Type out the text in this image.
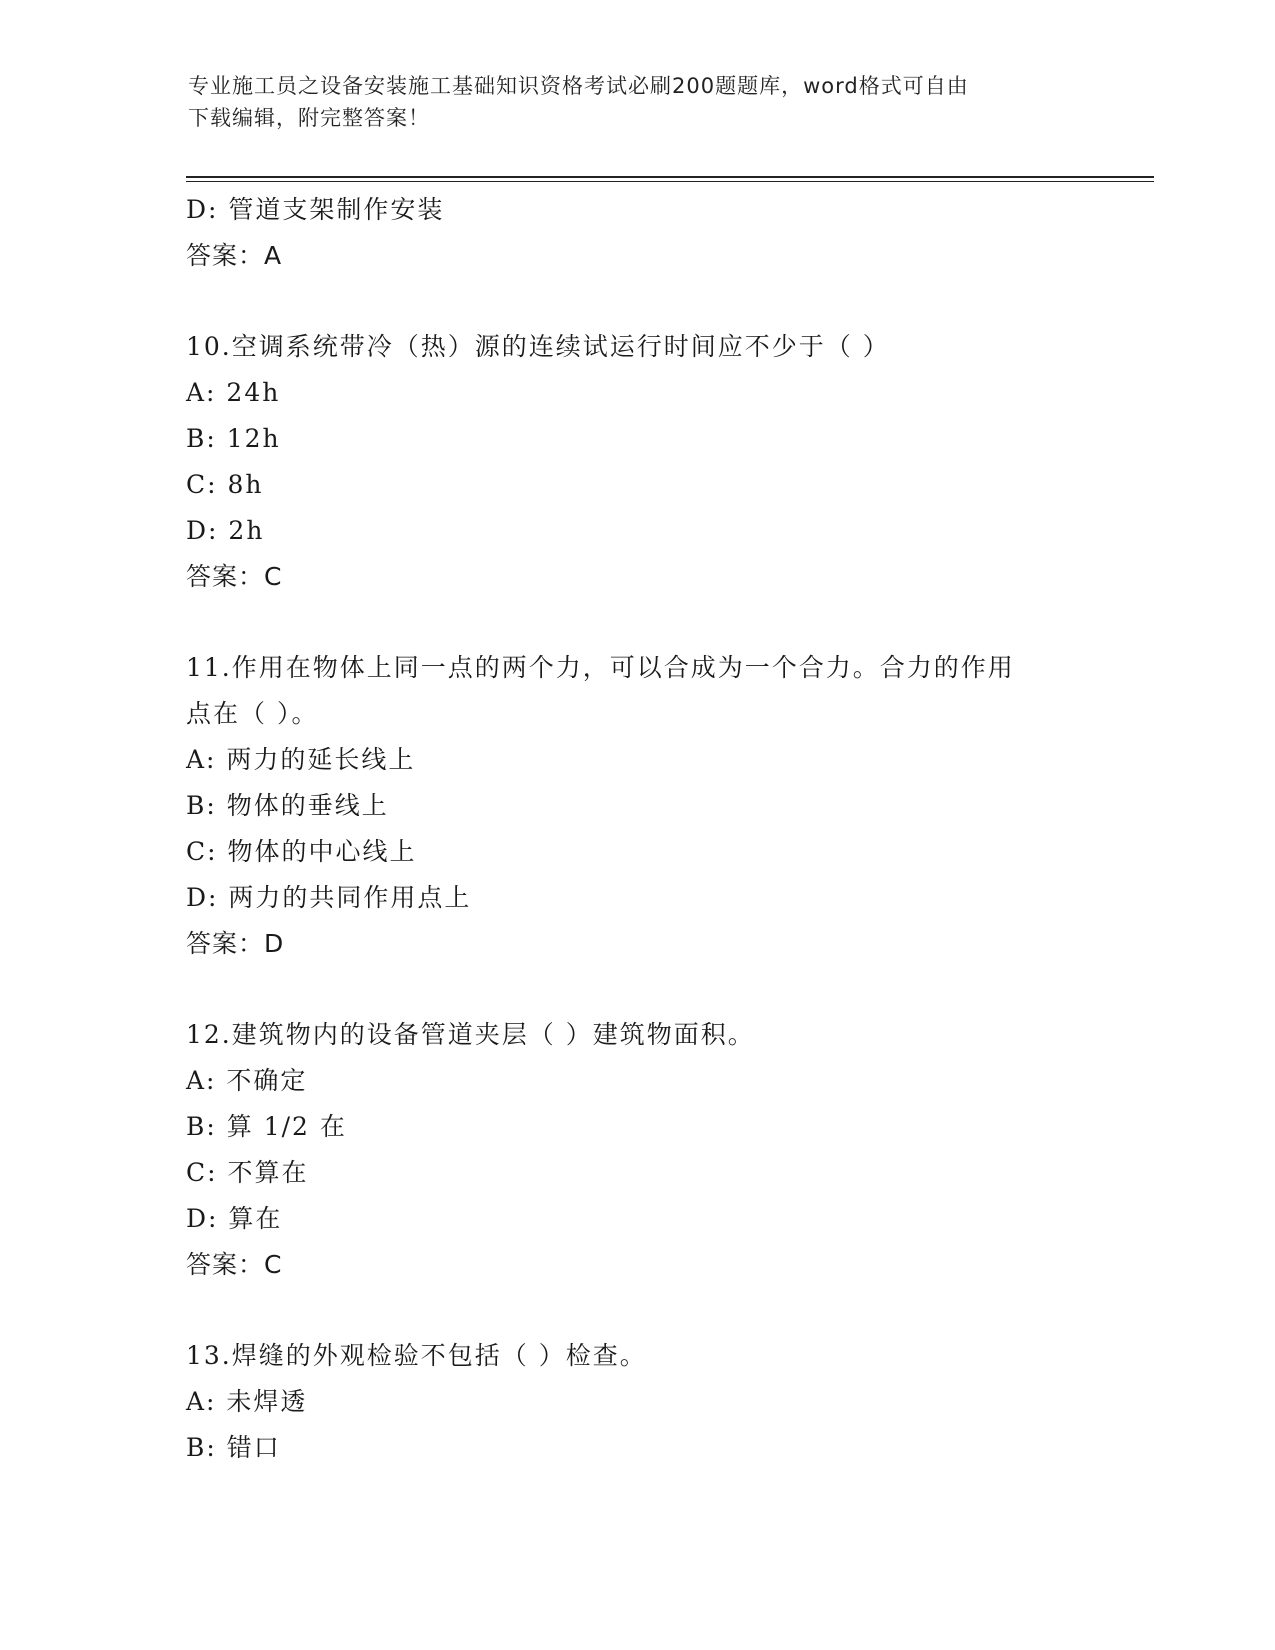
专业施工员之设备安装施工基础知识资格考试必刷200题题库，word格式可自由
下载编辑，附完整答案！
D: 管道支架制作安装
答案：A
10.空调系统带冷（热）源的连续试运行时间应不少于（ ）
A: 24h
B: 12h
C: 8h
D: 2h
答案：C
11.作用在物体上同一点的两个力，可以合成为一个合力。合力的作用
点在（ ）。
A: 两力的延长线上
B: 物体的垂线上
C: 物体的中心线上
D: 两力的共同作用点上
答案：D
12.建筑物内的设备管道夹层（ ）建筑物面积。
A: 不确定
B: 算 1/2 在
C: 不算在
D: 算在
答案：C
13.焊缝的外观检验不包括（ ）检查。
A: 未焊透
B: 错口
